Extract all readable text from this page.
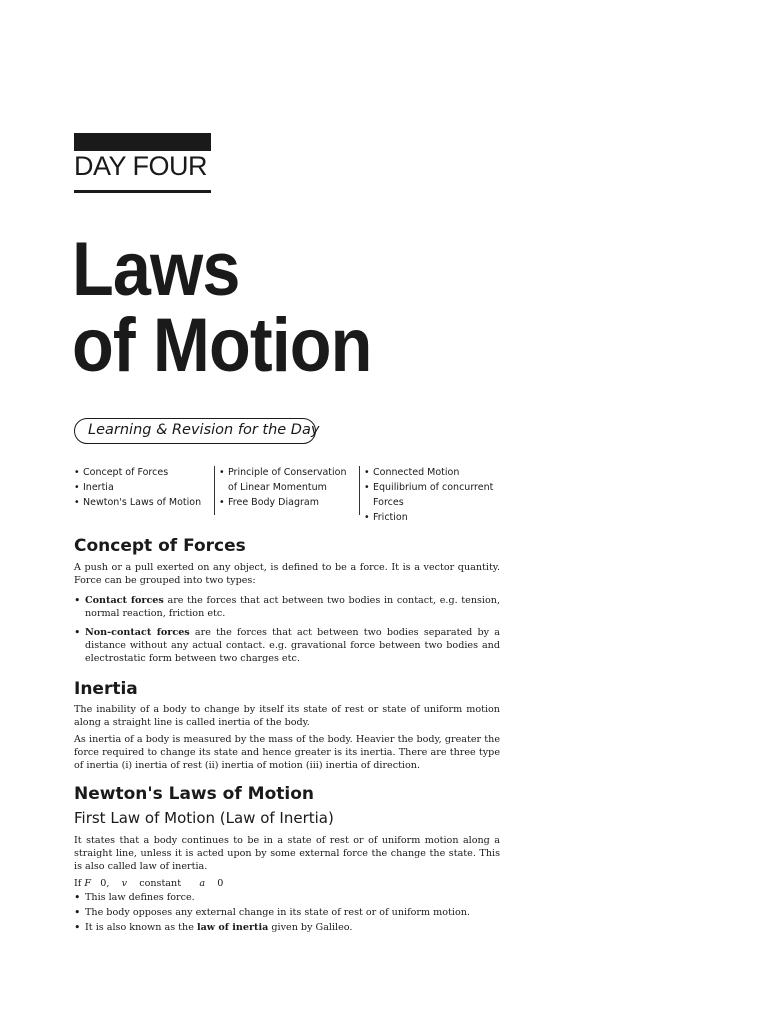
DAY FOUR
Laws
of Motion
Learning & Revision for the Day
• Concept of Forces
• Inertia
• Newton's Laws of Motion
• Principle of Conservation of Linear Momentum
• Free Body Diagram
• Connected Motion
• Equilibrium of concurrent Forces
• Friction
Concept of Forces

A push or a pull exerted on any object, is defined to be a force. It is a vector quantity. Force can be grouped into two types:

• Contact forces are the forces that act between two bodies in contact, e.g. tension, normal reaction, friction etc.

• Non-contact forces are the forces that act between two bodies separated by a distance without any actual contact. e.g. gravational force between two bodies and electrostatic form between two charges etc.

Inertia

The inability of a body to change by itself its state of rest or state of uniform motion along a straight line is called inertia of the body.

As inertia of a body is measured by the mass of the body. Heavier the body, greater the force required to change its state and hence greater is its inertia. There are three type of inertia (i) inertia of rest (ii) inertia of motion (iii) inertia of direction.

Newton's Laws of Motion
First Law of Motion (Law of Inertia)

It states that a body continues to be in a state of rest or of uniform motion along a straight line, unless it is acted upon by some external force the change the state. This is also called law of inertia.

If F   0,    v    constant      a    0

• This law defines force.

• The body opposes any external change in its state of rest or of uniform motion.

• It is also known as the law of inertia given by Galileo.
